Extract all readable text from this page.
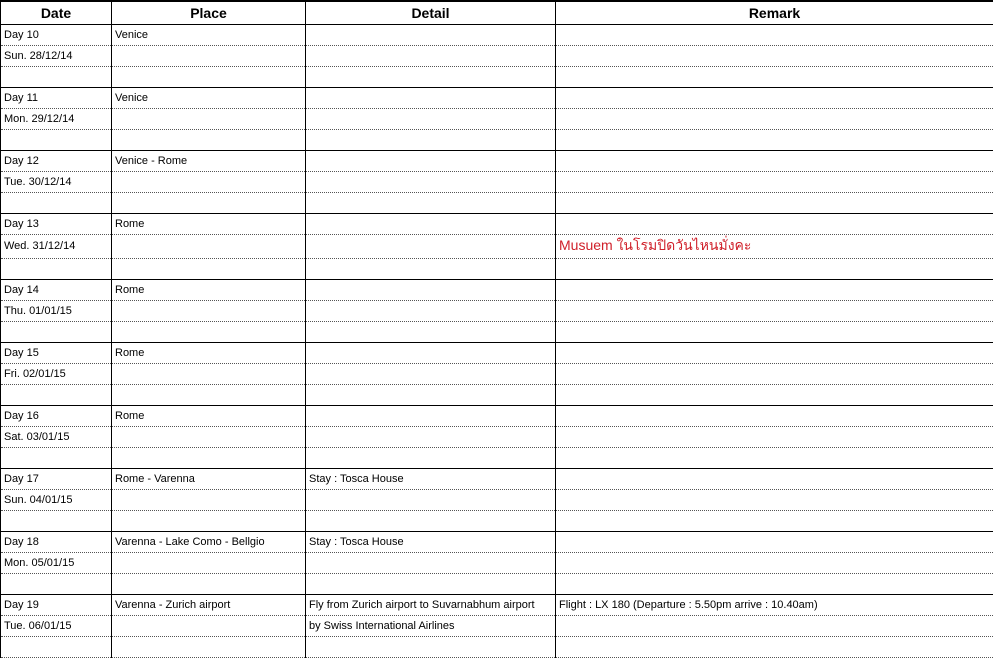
Date	Place	Detail	Remark
Day 10	Venice		
Sun. 28/12/14			

Day 11	Venice		
Mon. 29/12/14			

Day 12	Venice - Rome		
Tue. 30/12/14			

Day 13	Rome		
Wed. 31/12/14			Musuem ในโรมปิดวันไหนมั่งคะ

Day 14	Rome		
Thu. 01/01/15			

Day 15	Rome		
Fri. 02/01/15			

Day 16	Rome		
Sat. 03/01/15			

Day 17	Rome - Varenna	Stay : Tosca House	
Sun. 04/01/15			

Day 18	Varenna - Lake Como - Bellgio	Stay : Tosca House	
Mon. 05/01/15			

Day 19	Varenna - Zurich airport	Fly from Zurich airport to Suvarnabhum airport	Flight : LX 180 (Departure : 5.50pm arrive : 10.40am)
Tue. 06/01/15		by Swiss International Airlines	
